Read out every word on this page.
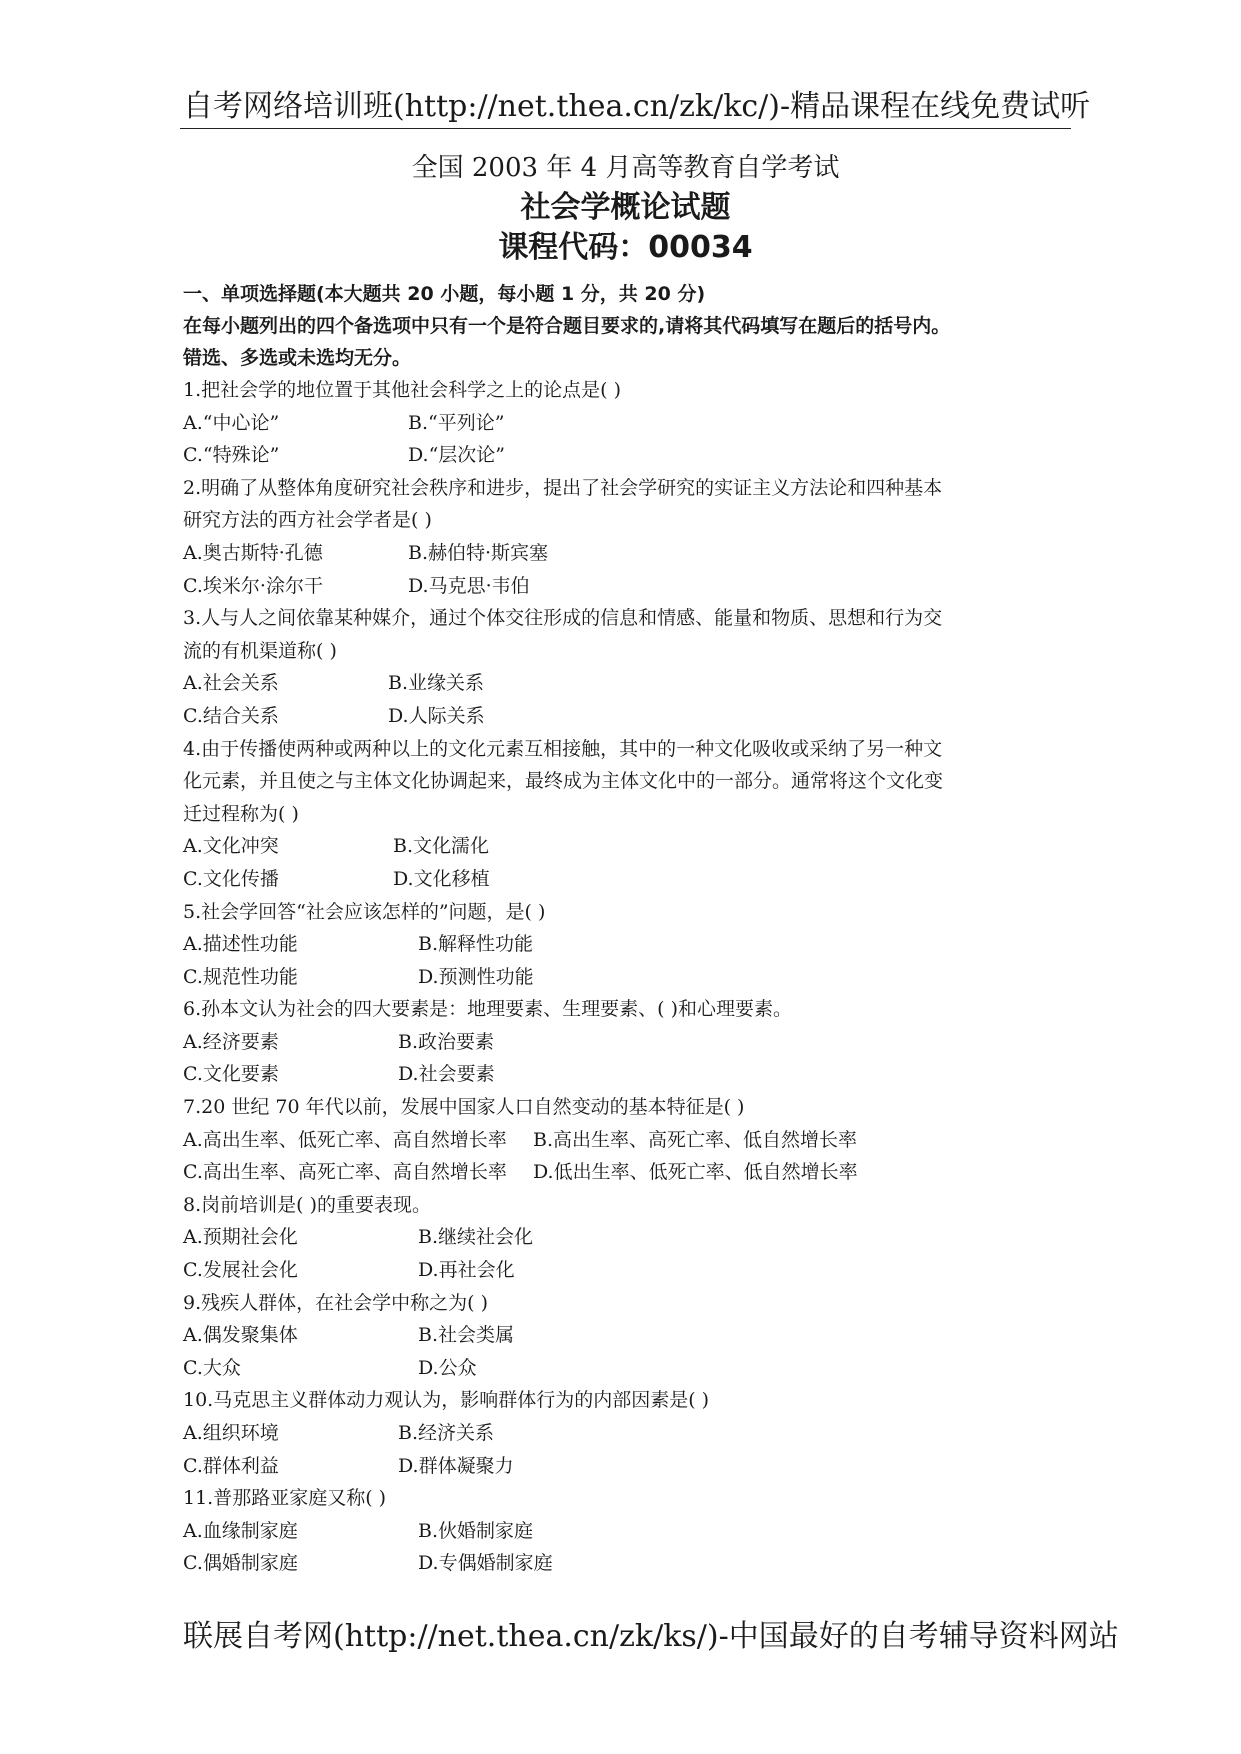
自考网络培训班(http://net.thea.cn/zk/kc/)-精品课程在线免费试听
全国 2003 年 4 月高等教育自学考试
社会学概论试题
课程代码：00034
一、单项选择题(本大题共 20 小题，每小题 1 分，共 20 分)
在每小题列出的四个备选项中只有一个是符合题目要求的,请将其代码填写在题后的括号内。
错选、多选或未选均无分。
1.把社会学的地位置于其他社会科学之上的论点是( )
A.“中心论”	B.“平列论”
C.“特殊论”	D.“层次论”
2.明确了从整体角度研究社会秩序和进步，提出了社会学研究的实证主义方法论和四种基本
研究方法的西方社会学者是( )
A.奥古斯特·孔德	B.赫伯特·斯宾塞
C.埃米尔·涂尔干	D.马克思·韦伯
3.人与人之间依靠某种媒介，通过个体交往形成的信息和情感、能量和物质、思想和行为交
流的有机渠道称( )
A.社会关系	B.业缘关系
C.结合关系	D.人际关系
4.由于传播使两种或两种以上的文化元素互相接触，其中的一种文化吸收或采纳了另一种文
化元素，并且使之与主体文化协调起来，最终成为主体文化中的一部分。通常将这个文化变
迁过程称为( )
A.文化冲突	B.文化濡化
C.文化传播	D.文化移植
5.社会学回答“社会应该怎样的”问题，是( )
A.描述性功能	B.解释性功能
C.规范性功能	D.预测性功能
6.孙本文认为社会的四大要素是：地理要素、生理要素、( )和心理要素。
A.经济要素	B.政治要素
C.文化要素	D.社会要素
7.20 世纪 70 年代以前，发展中国家人口自然变动的基本特征是( )
A.高出生率、低死亡率、高自然增长率 B.高出生率、高死亡率、低自然增长率
C.高出生率、高死亡率、高自然增长率 D.低出生率、低死亡率、低自然增长率
8.岗前培训是( )的重要表现。
A.预期社会化	B.继续社会化
C.发展社会化	D.再社会化
9.残疾人群体，在社会学中称之为( )
A.偶发聚集体	B.社会类属
C.大众	D.公众
10.马克思主义群体动力观认为，影响群体行为的内部因素是( )
A.组织环境	B.经济关系
C.群体利益	D.群体凝聚力
11.普那路亚家庭又称( )
A.血缘制家庭	B.伙婚制家庭
C.偶婚制家庭	D.专偶婚制家庭
联展自考网(http://net.thea.cn/zk/ks/)-中国最好的自考辅导资料网站
